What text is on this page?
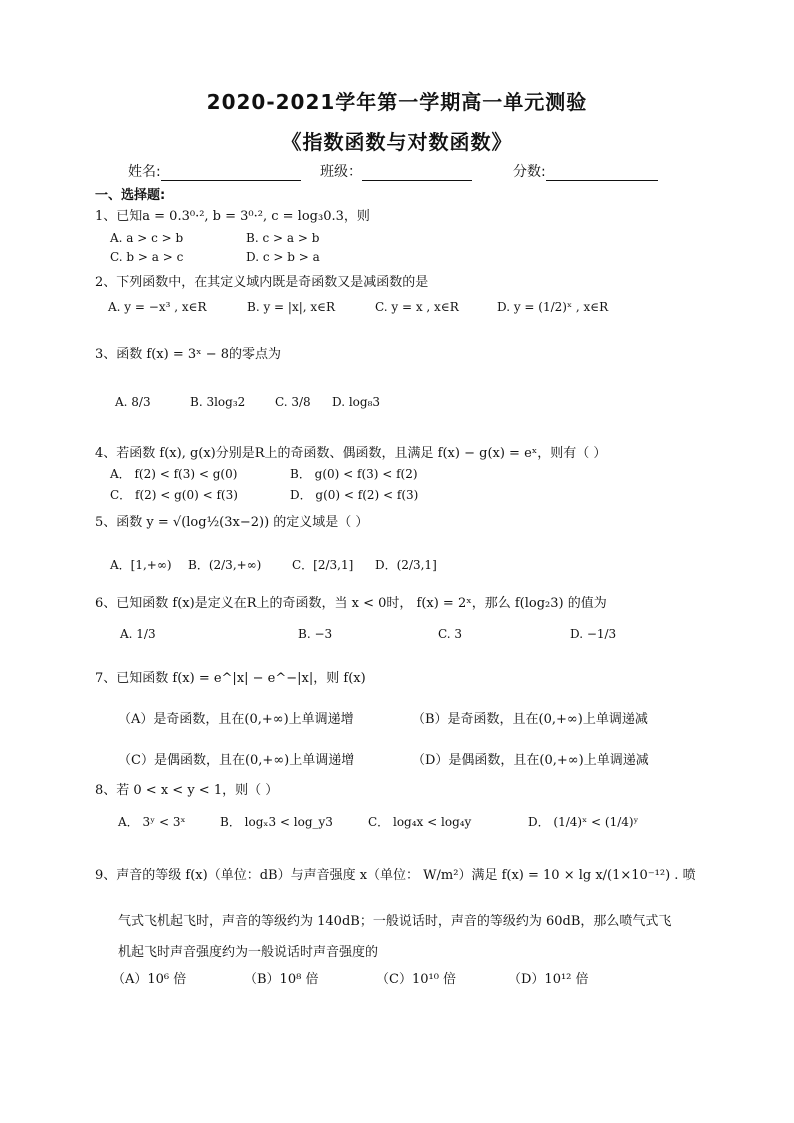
2020-2021学年第一学期高一单元测验
《指数函数与对数函数》
姓名:	班级：	分数:
一、选择题:
1、已知a = 0.3⁰·², b = 3⁰·², c = log₃0.3，则
A. a > c > b	B. c > a > b
C. b > a > c	D. c > b > a
2、下列函数中，在其定义域内既是奇函数又是减函数的是
A. y = −x³ , x∈R	B. y = |x|, x∈R	C. y = x , x∈R	D. y = (1/2)ˣ , x∈R
3、函数 f(x) = 3ˣ − 8的零点为
A. 8/3	B. 3log₃2 C. 3/8 D. log₈3
4、若函数 f(x), g(x)分别是R上的奇函数、偶函数，且满足 f(x) − g(x) = eˣ，则有（ ）
A． f(2) < f(3) < g(0)	B． g(0) < f(3) < f(2)
C． f(2) < g(0) < f(3)	D． g(0) < f(2) < f(3)
5、函数 y = √(log½(3x−2)) 的定义域是（ ）
A．[1,+∞) B．(2/3,+∞)	C．[2/3,1] D．(2/3,1]
6、已知函数 f(x)是定义在R上的奇函数，当 x < 0时， f(x) = 2ˣ，那么 f(log₂3) 的值为
A. 1/3	B. −3	C. 3	D. −1/3
7、已知函数 f(x) = e^|x| − e^−|x|，则 f(x)
（A）是奇函数，且在(0,+∞)上单调递增	（B）是奇函数，且在(0,+∞)上单调递减
（C）是偶函数，且在(0,+∞)上单调递增	（D）是偶函数，且在(0,+∞)上单调递减
8、若 0 < x < y < 1，则（ ）
A． 3ʸ < 3ˣ	B． logₓ3 < log_y3	C． log₄x < log₄y	D． (1/4)ˣ < (1/4)ʸ
9、声音的等级 f(x)（单位：dB）与声音强度 x（单位： W/m²）满足 f(x) = 10 × lg x/(1×10⁻¹²) . 喷
气式飞机起飞时，声音的等级约为 140dB；一般说话时，声音的等级约为 60dB，那么喷气式飞
机起飞时声音强度约为一般说话时声音强度的
（A）10⁶ 倍	（B）10⁸ 倍	（C）10¹⁰ 倍	（D）10¹² 倍
